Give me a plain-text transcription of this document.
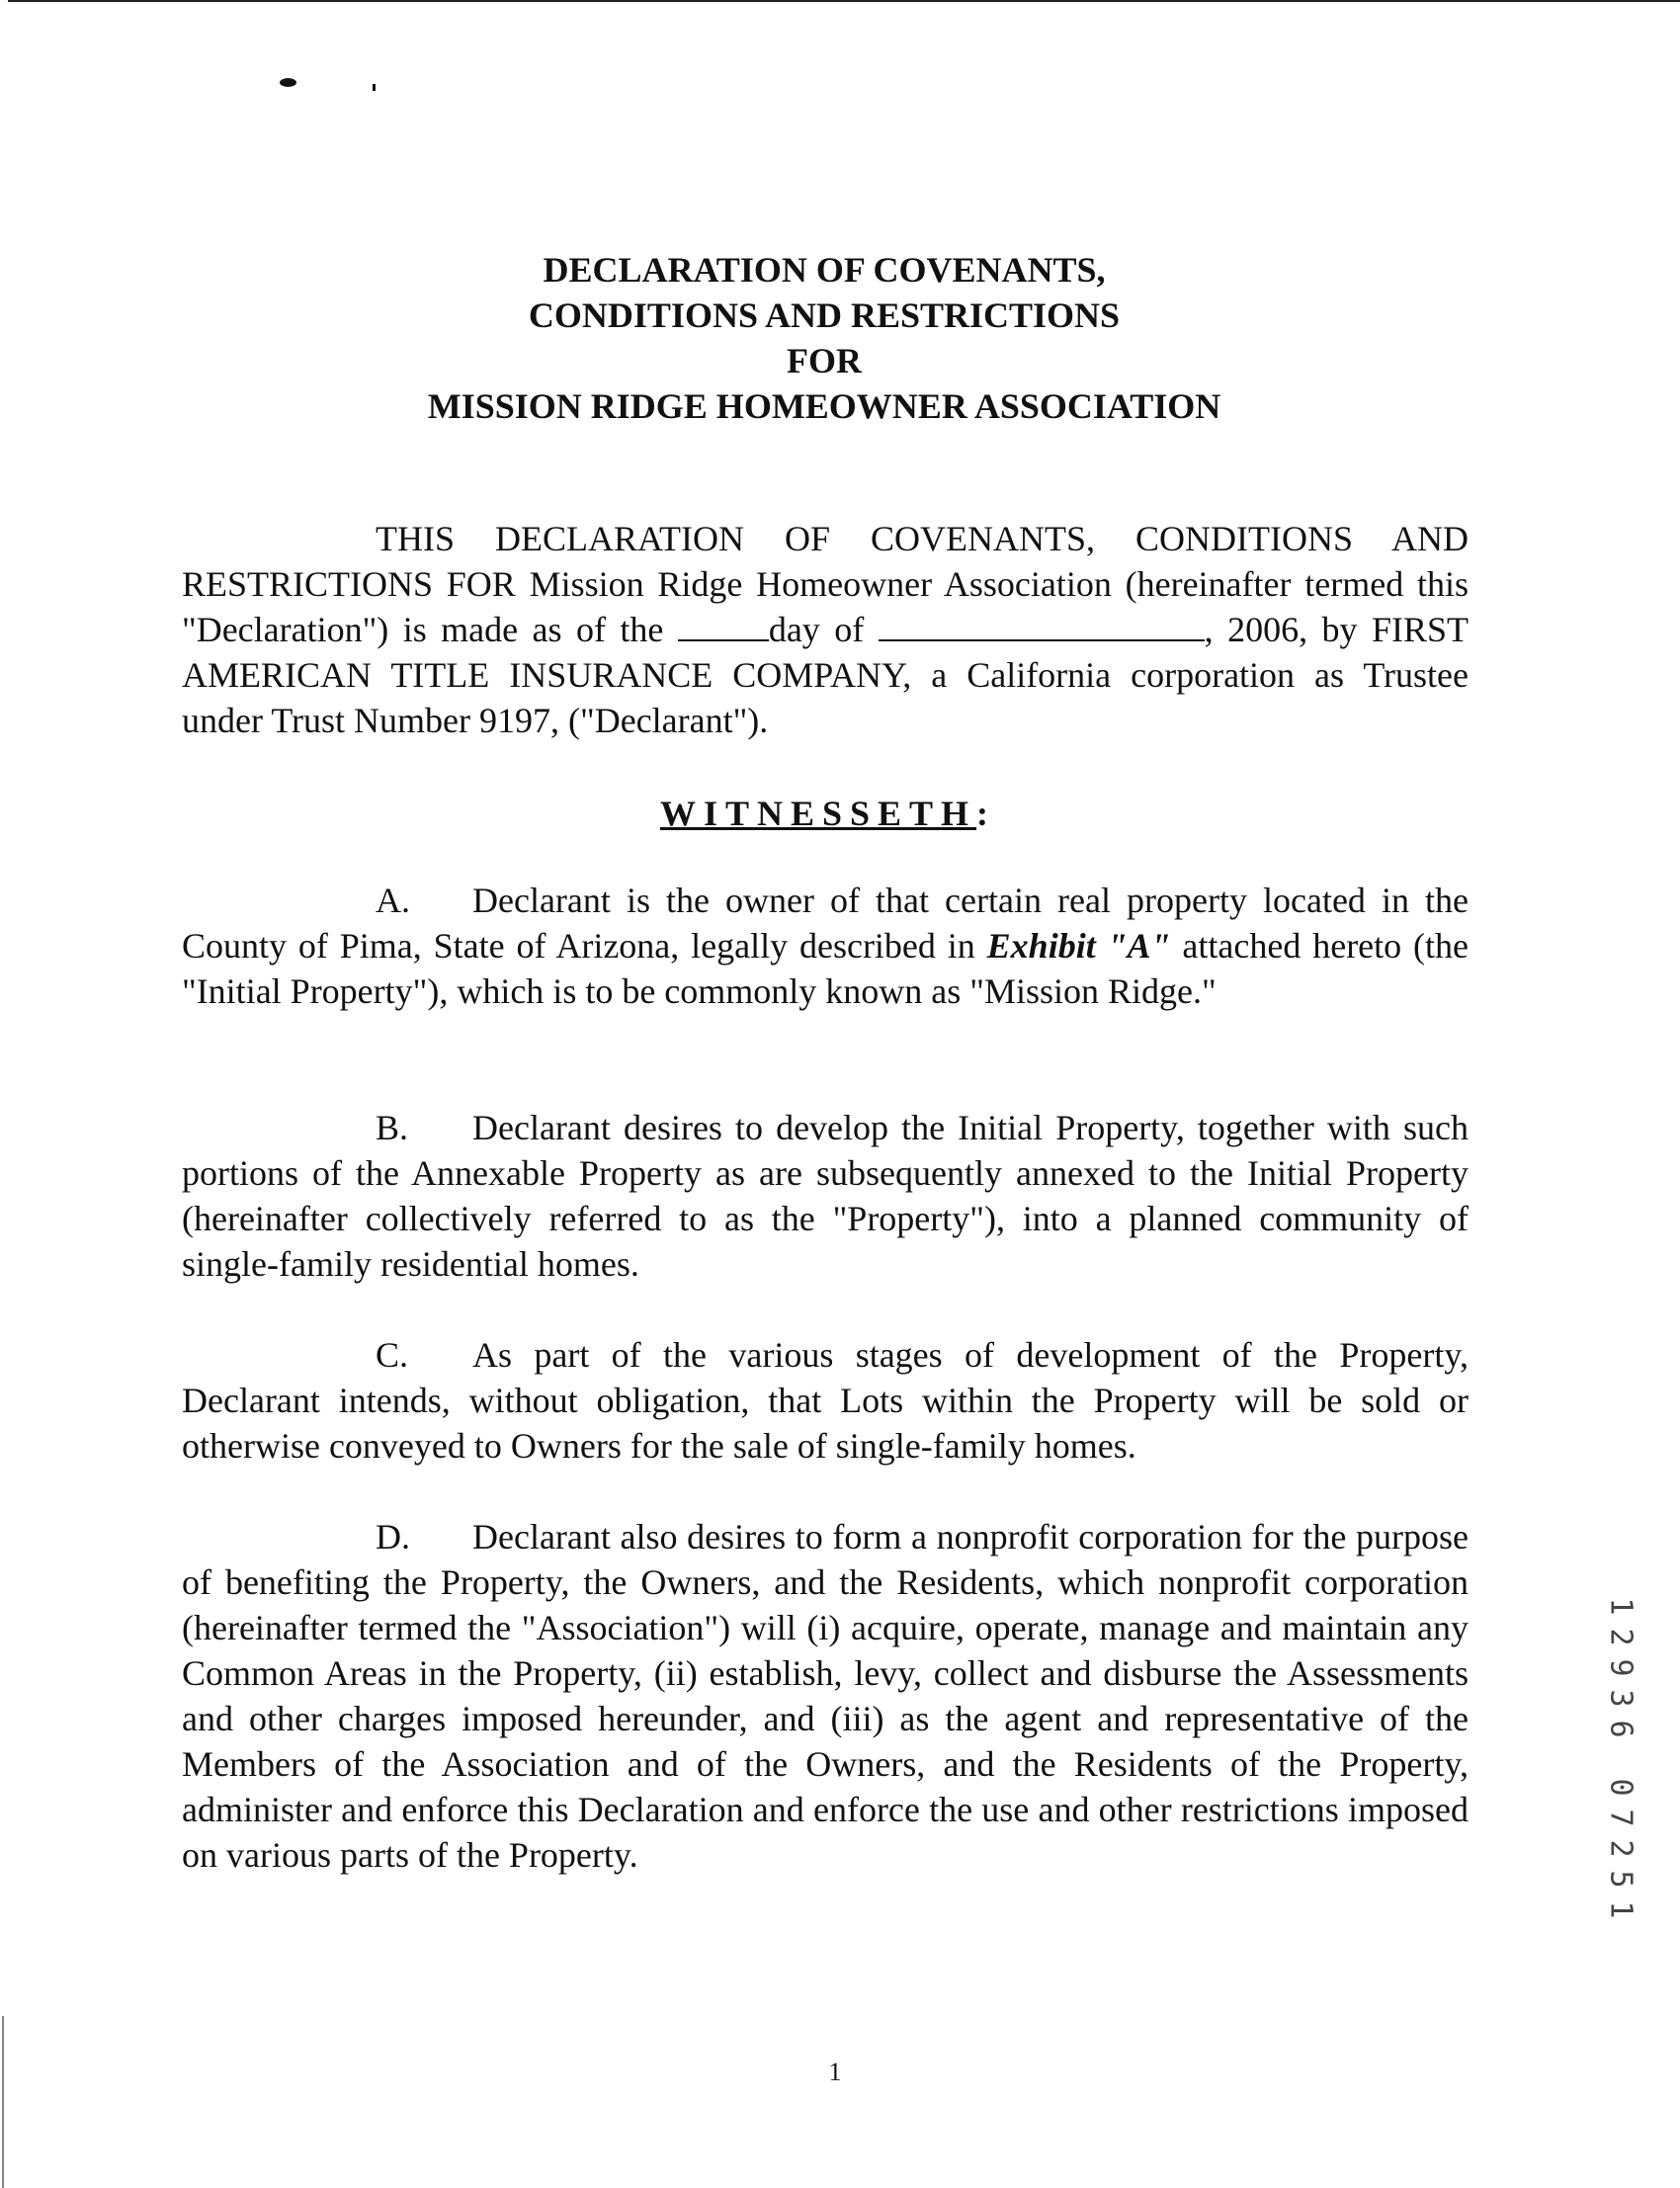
DECLARATION OF COVENANTS,
CONDITIONS AND RESTRICTIONS
FOR
MISSION RIDGE HOMEOWNER ASSOCIATION
THIS DECLARATION OF COVENANTS, CONDITIONS AND RESTRICTIONS FOR Mission Ridge Homeowner Association (hereinafter termed this "Declaration") is made as of the	day of	, 2006, by FIRST AMERICAN TITLE INSURANCE COMPANY, a California corporation as Trustee under Trust Number 9197, ("Declarant").
WITNESSETH:
A. Declarant is the owner of that certain real property located in the County of Pima, State of Arizona, legally described in Exhibit "A" attached hereto (the "Initial Property"), which is to be commonly known as "Mission Ridge."
B. Declarant desires to develop the Initial Property, together with such portions of the Annexable Property as are subsequently annexed to the Initial Property (hereinafter collectively referred to as the "Property"), into a planned community of single-family residential homes.
C. As part of the various stages of development of the Property, Declarant intends, without obligation, that Lots within the Property will be sold or otherwise conveyed to Owners for the sale of single-family homes.
D. Declarant also desires to form a nonprofit corporation for the purpose of benefiting the Property, the Owners, and the Residents, which nonprofit corporation (hereinafter termed the "Association") will (i) acquire, operate, manage and maintain any Common Areas in the Property, (ii) establish, levy, collect and disburse the Assessments and other charges imposed hereunder, and (iii) as the agent and representative of the Members of the Association and of the Owners, and the Residents of the Property, administer and enforce this Declaration and enforce the use and other restrictions imposed on various parts of the Property.
1
1
2
9
3
6
0
7
2
5
1
